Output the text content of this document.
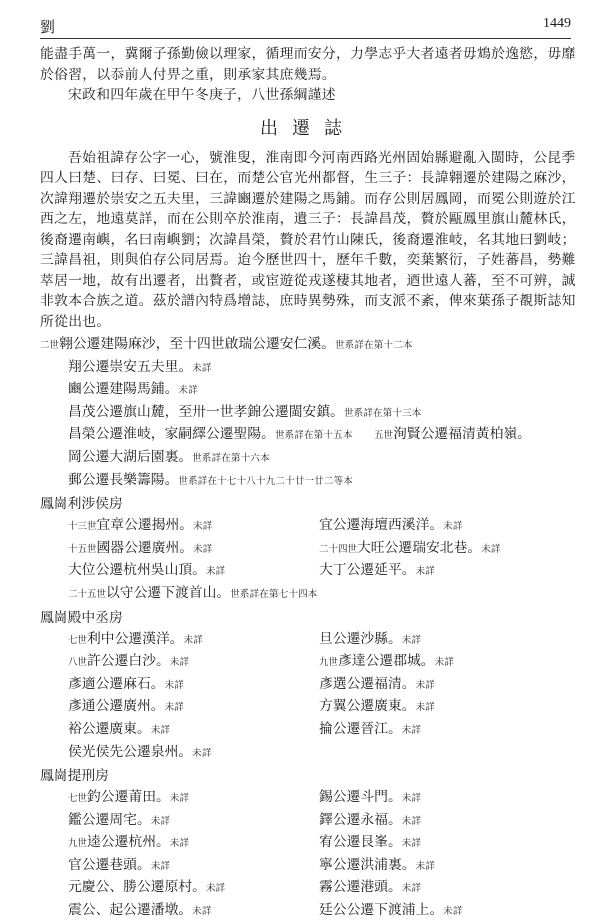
劉	1449

能盡手萬一，冀爾子孫勤儉以理家，循理而安分，力學志乎大者遠者毋鴆於逸慾，毋靡於俗習，以忝前人付畀之重，則承家其庶幾焉。

宋政和四年歲在甲午冬庚子，八世孫綱謹述

出遷誌

吾始祖諱存公字一心，號淮叟，淮南即今河南西路光州固始縣避亂入閩時，公昆季四人曰楚、曰存、曰冕、曰在，而楚公官光州都督，生三子：長諱翱遷於建陽之麻沙，次諱翔遷於崇安之五夫里，三諱豳遷於建陽之馬鋪。而存公則居鳳岡，而冕公則遊於江西之左，地遠莫詳，而在公則卒於淮南，遺三子：長諱昌茂，贅於甌鳳里旗山麓林氏，後裔遷南嶼，名曰南嶼劉；次諱昌榮，贅於君竹山陳氏，後裔遷淮岐，名其地曰劉岐；三諱昌祖，則與伯存公同居焉。迨今歷世四十，歷年千數，奕葉繁衍，子姓蕃昌，勢難萃居一地，故有出遷者，出贅者，或宦遊從戎遂棲其地者，迺世遠人蕃，至不可辨，誠非敦本合族之道。茲於譜內特爲增誌，庶時異勢殊，而支派不紊，俾來葉孫子覩斯誌知所從出也。

二世翱公遷建陽麻沙，至十四世啟瑞公遷安仁溪。世系詳在第十二本
翔公遷崇安五夫里。未詳
豳公遷建陽馬鋪。未詳
昌茂公遷旗山麓，至卅一世孝錦公遷閩安鎮。世系詳在第十三本
昌榮公遷淮岐，家嗣繹公遷聖陽。世系詳在第十五本 五世洵賢公遷福清黃柏嶺。
岡公遷大湖后園裏。世系詳在第十六本
郵公遷長樂籌陽。世系詳在十七十八十九二十廿一廿二等本
鳳崗利涉侯房
十三世宜章公遷揭州。未詳	宜公遷海壇西溪洋。未詳
十五世國器公遷廣州。未詳	二十四世大旺公遷瑞安北巷。未詳
大位公遷杭州吳山頂。未詳	大丁公遷延平。未詳
二十五世以守公遷下渡首山。世系詳在第七十四本
鳳崗殿中丞房
七世利中公遷漢洋。未詳	旦公遷沙縣。未詳
八世許公遷白沙。未詳	九世彥達公遷郡城。未詳
彥適公遷麻石。未詳	彥選公遷福清。未詳
彥通公遷廣州。未詳	方翼公遷廣東。未詳
裕公遷廣東。未詳	掄公遷晉江。未詳
侯光侯先公遷泉州。未詳
鳳崗提刑房
七世釣公遷莆田。未詳	錫公遷斗門。未詳
鑑公遷周宅。未詳	鐸公遷永福。未詳
九世逵公遷杭州。未詳	宥公遷艮峯。未詳
官公遷巷頭。未詳	寧公遷洪浦裏。未詳
元慶公、勝公遷原村。未詳	霧公遷港頭。未詳
震公、起公遷潘墩。未詳	廷公公遷下渡浦上。未詳
